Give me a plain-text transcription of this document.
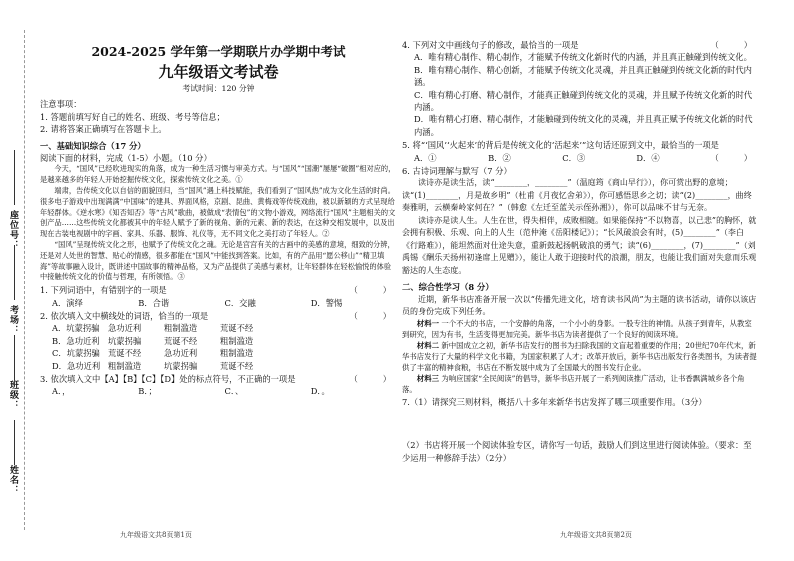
座位号：
考场：
班级：
姓名：
2024-2025 学年第一学期联片办学期中考试
九年级语文考试卷
考试时间：120 分钟
注意事项：
1. 答题前填写好自己的姓名、班级、考号等信息；
2. 请将答案正确填写在答题卡上。
一、基础知识综合（17 分）
阅读下面的材料，完成（1-5）小题。（10 分）
今天，“国风”已经吹进现实的角落，成为一种生活习惯与审美方式。与“国风”“国潮”屡屡“破圈”相对应的，是越来越多的年轻人开始挖掘传统文化，探索传统文化之美。①
端肃，告传统文化以自信的面貌回归，当“国风”遇上科技赋能，我们看到了“国风热”成为文化生活的时尚。很多电子游戏中出现满满“中国味”的建具、界面风格，京剧、昆曲、黄梅戏等传统戏曲，被以新颖的方式呈现给年轻群体。《逆水寒》《知否知否》等“古风”歌曲，被做成“表情包”的文物小游戏，网络流行“国风”主题相关的文创产品……这些传统文化都被其中的年轻人赋予了新的视角、新的元素、新的表达，在这种交相发展中，以及出现在古装电视剧中的字画、家具、乐器、服饰、礼仪等，无不同文化之美打动了年轻人。②
“国风”呈现传统文化之形，也赋予了传统文化之魂。无论是宫宫有关的古画中的美感的意境，细致的分辨，还是对人处世的智慧、贴心的情感，很多都能在“国风”中能找到答案。比如，有的产品用“愿公移山”“精卫填海”等故事融入设计，既讲述中国故事的精神品格，又为产品提供了美感与素材，让年轻群体在轻松愉悦的体验中接触传统文化的价值与哲理，有所领悟。③
1. 下列词语中，有错别字的一项是	（　　　）
A．演绎	B．合谐	C．交融	D．警惕
2. 依次填入文中横线处的词语，恰当的一项是	（　　　）
A．坑蒙拐骗	急功近利	粗制滥造	荒诞不经
B．急功近利	坑蒙拐骗	荒诞不经	粗制滥造
C．坑蒙拐骗 荒诞不经	急功近利	粗制滥造
D．急功近利 粗制滥造	坑蒙拐骗	荒诞不经
3. 依次填入文中【A】【B】【C】【D】处的标点符号，不正确的一项是	（　　　）
A．，	B．；	C．、	D．。
4. 下列对文中画线句子的修改，最恰当的一项是	（　　　）
A．唯有精心制作、精心制作，才能赋予传统文化新时代的内涵，并且真正触碰到传统文化。
B．唯有精心制作、精心创新，才能赋予传统文化灵魂，并且真正触碰到传统文化新的时代内涵。
C．唯有精心打磨、精心制作，才能真正触碰到传统文化的灵魂，并且赋予传统文化新的时代内涵。
D．唯有精心打磨、精心制作，才能触碰到传统文化的灵魂，并且真正赋予传统文化新的时代内涵。
5. 将“‘国风’‘火起来’的背后是传统文化的‘活起来’”这句话还原到文中，最恰当的一项是
A．①	B．②	C．③	D．④	（　　　）
6. 古诗词理解与默写（7 分）
读诗亦是读生活，读“________，________”（温庭筠《商山早行》），你可赏出野的意境；读“(1)________，月是故乡明”（杜甫《月夜忆舍弟》），你可感悟思乡之切；读“(2)________，曲终奏雅明，云横秦岭家何在？”（韩愈《左迁至蓝关示侄孙湘》），你可以品味不甘与无奈。
读诗亦是读人生。人生在世，得失相伴，成败相随。如果能保持“不以物喜，以己悲”的胸怀，就会拥有积极、乐观、向上的人生（范仲淹《岳阳楼记》）；“长风破浪会有时，(5)________”（李白《行路难》），能坦然面对仕途失意，重新鼓起扬帆破浪的勇气；读“(6)________，(7)________”（刘禹锡《酬乐天扬州初逢席上见赠》），能让人敢于迎接时代的浪潮，朋友，也能让我们面对失意而乐观豁达的人生态度。
二、综合性学习（8 分）
近期，新华书店准备开展一次以“传播先进文化，培育读书风尚”为主题的读书活动，请你以该店员的身份完成下列任务。
材料一 一个不大的书店，一个安静的角落，一个小小的身影。一股专注的神情。从孩子到青年，从教室到研究，因为有书，生活变得更加完美。新华书店为读者提供了一个良好的阅读环境。
材料二 新中国成立之初，新华书店发行的图书为扫除我国的文盲起着重要的作用；20世纪70年代末，新华书店发行了大量的科学文化书籍，为国家积累了人才；改革开放后，新华书店出版发行各类图书，为读者提供了丰富的精神食粮，书店在不断发展中成为了全国最大的图书发行企业。
材料三 为响应国家“全民阅读”的倡导，新华书店开展了一系列阅读推广活动，让书香飘满城乡各个角落。
7.（1）请探究三则材料，概括八十多年来新华书店发挥了哪三项重要作用。（3分）
（2）书店将开展一个阅读体验专区，请你写一句话，鼓励人们到这里进行阅读体验。（要求：至少运用一种修辞手法）（2分）
九年级语文共8页第1页	九年级语文共8页第2页
